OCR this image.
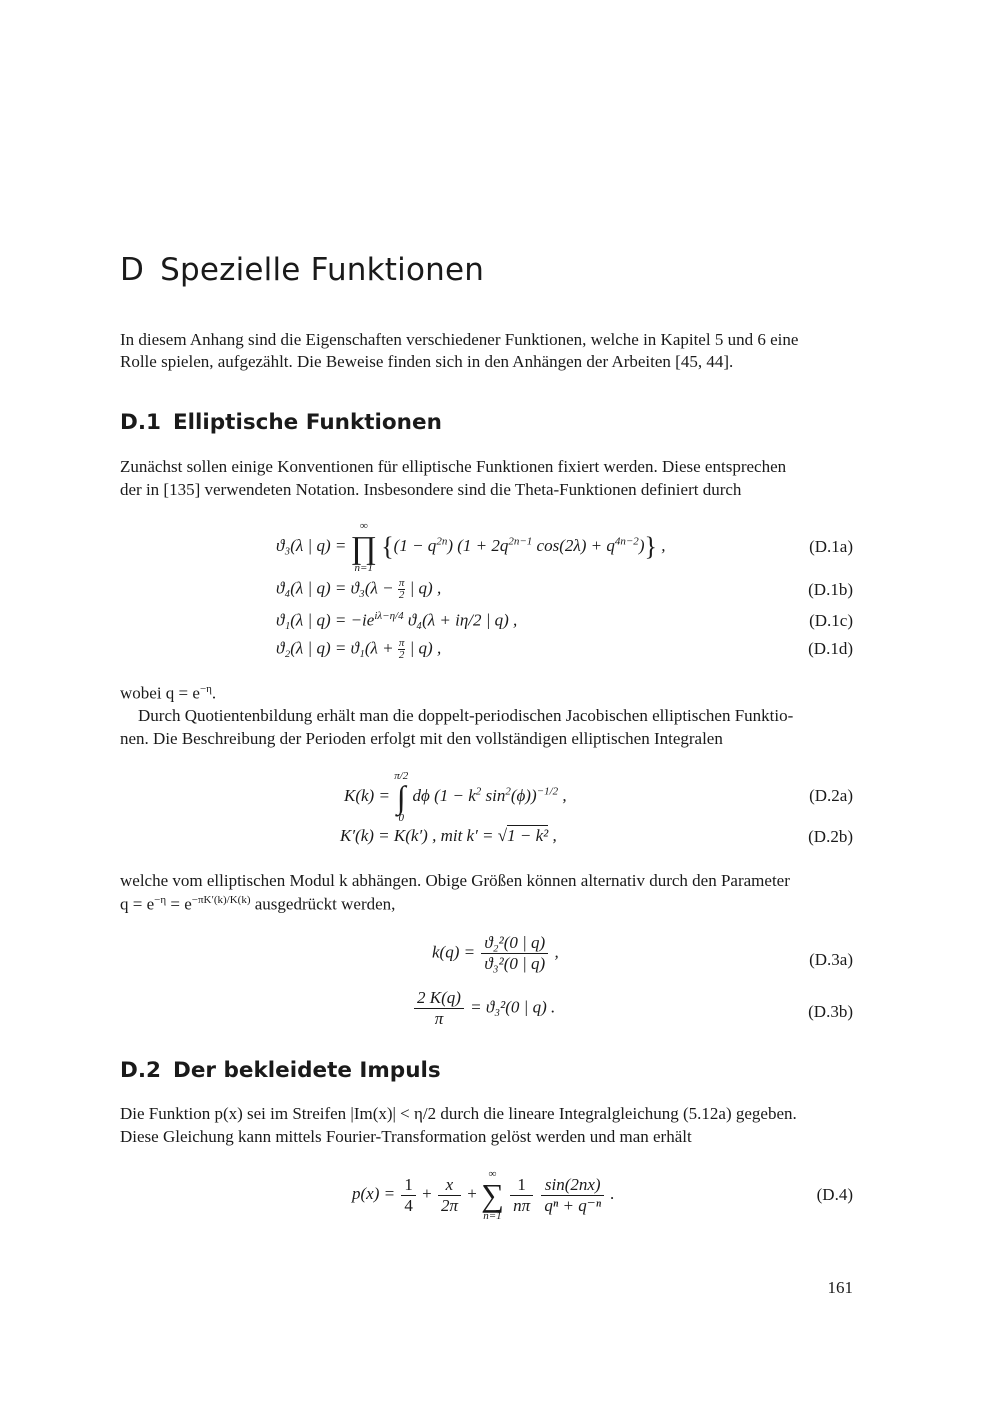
D Spezielle Funktionen
In diesem Anhang sind die Eigenschaften verschiedener Funktionen, welche in Kapitel 5 und 6 eine
Rolle spielen, aufgezählt. Die Beweise finden sich in den Anhängen der Arbeiten [45, 44].
D.1 Elliptische Funktionen
Zunächst sollen einige Konventionen für elliptische Funktionen fixiert werden. Diese entsprechen
der in [135] verwendeten Notation. Insbesondere sind die Theta-Funktionen definiert durch
ϑ₃(λ | q) =
∞
∏
n=1
{$(1 - q^{2n})$ ($1 + 2q^{2n-1}$ $\cos(2\lambda) + q^{4n-2}$)} ,	(D.1a)
ϑ₄(λ | $q) = ϑ_3(\lambda - \frac{\pi}{2}$ | q) ,	(D.1b)
ϑ₁(λ | $q) = -ie^{i\lambda-\eta/4}$ ϑ₄(λ + iη/2 | q) ,	(D.1c)
ϑ₂(λ | $q) = ϑ_1(\lambda + \frac{\pi}{2}$ | q) ,	(D.1d)
wobei $q = e^{-\eta}$.
Durch Quotientenbildung erhält man die doppelt-periodischen Jacobischen elliptischen Funktio-
nen. Die Beschreibung der Perioden erfolgt mit den vollständigen elliptischen Integralen
K(k) =
π/2
∫
0
dϕ ($1 - k^2$ $\sin^2(\phi))^{-1/2}$ ,	(D.2a)
K′(k) = K(k′) , mit k′ = √1 − k² ,	(D.2b)
welche vom elliptischen Modul k abhängen. Obige Größen können alternativ durch den Parameter
$q = e^{-\eta} = e^{-\pi K'(k)/K(k)}$ ausgedrückt werden,
$k(q) = \frac{\text{ϑ₂²(0 | q)}}{\text{ϑ₃²(0 | q)}}$ ,	(D.3a)
$\frac{2 K(q)}{\pi} = ϑ_3^2(0$ | q) .	(D.3b)
D.2 Der bekleidete Impuls
Die Funktion p(x) sei im Streifen |Im(x)| < η/2 durch die lineare Integralgleichung (5.12a) gegeben.
Diese Gleichung kann mittels Fourier-Transformation gelöst werden und man erhält
$p(x) = \frac{1}{4} + \frac{x}{2\pi}$ +
∞
∑
n=1

$\frac{1}{n\pi}$
$\frac{\sin(2nx)}{\text{qⁿ + q⁻ⁿ}}$ .	(D.4)
161
